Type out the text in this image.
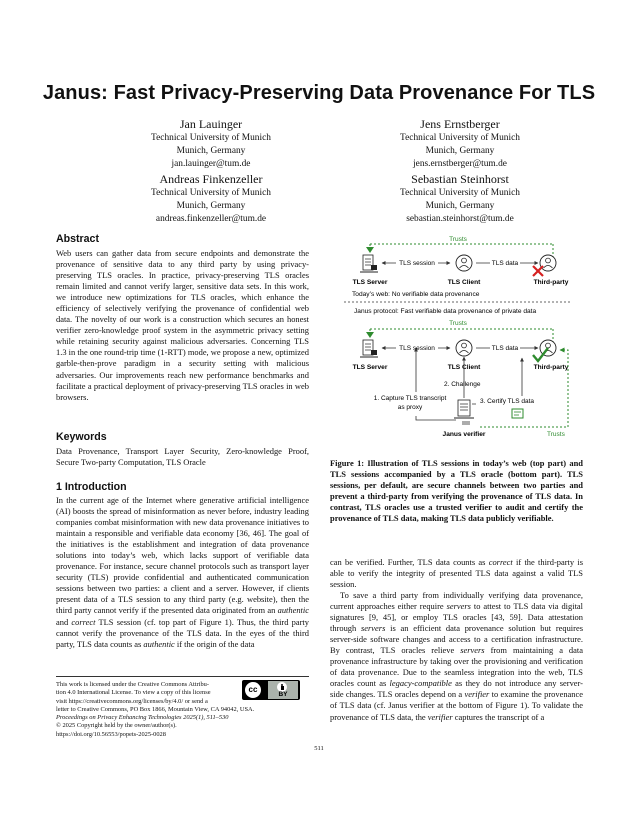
Janus: Fast Privacy-Preserving Data Provenance For TLS
Jan Lauinger
Technical University of Munich
Munich, Germany
jan.lauinger@tum.de
Jens Ernstberger
Technical University of Munich
Munich, Germany
jens.ernstberger@tum.de
Andreas Finkenzeller
Technical University of Munich
Munich, Germany
andreas.finkenzeller@tum.de
Sebastian Steinhorst
Technical University of Munich
Munich, Germany
sebastian.steinhorst@tum.de
Abstract
Web users can gather data from secure endpoints and demonstrate the provenance of sensitive data to any third party by using privacy-preserving TLS oracles. In practice, privacy-preserving TLS oracles remain limited and cannot verify larger, sensitive data sets. In this work, we introduce new optimizations for TLS oracles, which enhance the efficiency of selectively verifying the provenance of confidential web data. The novelty of our work is a construction which secures an honest verifier zero-knowledge proof system in the asymmetric privacy setting while retaining security against malicious adversaries. Concerning TLS 1.3 in the one round-trip time (1-RTT) mode, we propose a new, optimized garble-then-prove paradigm in a security setting with malicious adversaries. Our improvements reach new performance benchmarks and facilitate a practical deployment of privacy-preserving TLS oracles in web browsers.
Keywords
Data Provenance, Transport Layer Security, Zero-knowledge Proof, Secure Two-party Computation, TLS Oracle
1 Introduction
In the current age of the Internet where generative artificial intelligence (AI) boosts the spread of misinformation as never before, industry leading companies combat misinformation with new data provenance initiatives to maintain a responsible and verifiable data economy [36, 46]. The goal of the initiatives is the establishment and integration of data provenance solutions into today’s web, which lacks support of verifiable data provenance. For instance, secure channel protocols such as transport layer security (TLS) provide confidential and authenticated communication sessions between two parties: a client and a server. However, if clients present data of a TLS session to any third party (e.g. website), then the third party cannot verify if the presented data originated from an authentic and correct TLS session (cf. top part of Figure 1). Thus, the third party cannot verify the provenance of the TLS data. In the eyes of the third party, TLS data counts as authentic if the origin of the data
This work is licensed under the Creative Commons Attribu-
tion 4.0 International License. To view a copy of this license
visit https://creativecommons.org/licenses/by/4.0/ or send a
letter to Creative Commons, PO Box 1866, Mountain View, CA 94042, USA.
cc
BY
Proceedings on Privacy Enhancing Technologies 2025(1), 511–530
© 2025 Copyright held by the owner/author(s).
https://doi.org/10.56553/popets-2025-0028
511
Trusts
TLS Server
TLS session
TLS Client
TLS data
Third-party
Today’s web: No verifiable data provenance
Janus protocol: Fast verifiable data provenance of private data
Trusts
TLS Server
TLS session
TLS Client
TLS data
Third-party
2. Challenge
1. Capture TLS transcript
as proxy
3. Certify TLS data
Janus verifier	Trusts
Figure 1: Illustration of TLS sessions in today’s web (top part) and TLS sessions accompanied by a TLS oracle (bottom part). TLS sessions, per default, are secure channels between two parties and prevent a third-party from verifying the provenance of TLS data. In contrast, TLS oracles use a trusted verifier to audit and certify the provenance of TLS data, making TLS data publicly verifiable.
can be verified. Further, TLS data counts as correct if the third-party is able to verify the integrity of presented TLS data against a valid TLS session.
To save a third party from individually verifying data provenance, current approaches either require servers to attest to TLS data via digital signatures [9, 45], or employ TLS oracles [43, 59]. Data attestation through servers is an efficient data provenance solution but requires server-side software changes and access to a certification infrastructure. By contrast, TLS oracles relieve servers from maintaining a data provenance infrastructure by taking over the provisioning and verification of data provenance. Due to the seamless integration into the web, TLS oracles count as legacy-compatible as they do not introduce any server-side changes. TLS oracles depend on a verifier to examine the provenance of TLS data (cf. Janus verifier at the bottom of Figure 1). To validate the provenance of TLS data, the verifier captures the transcript of a
